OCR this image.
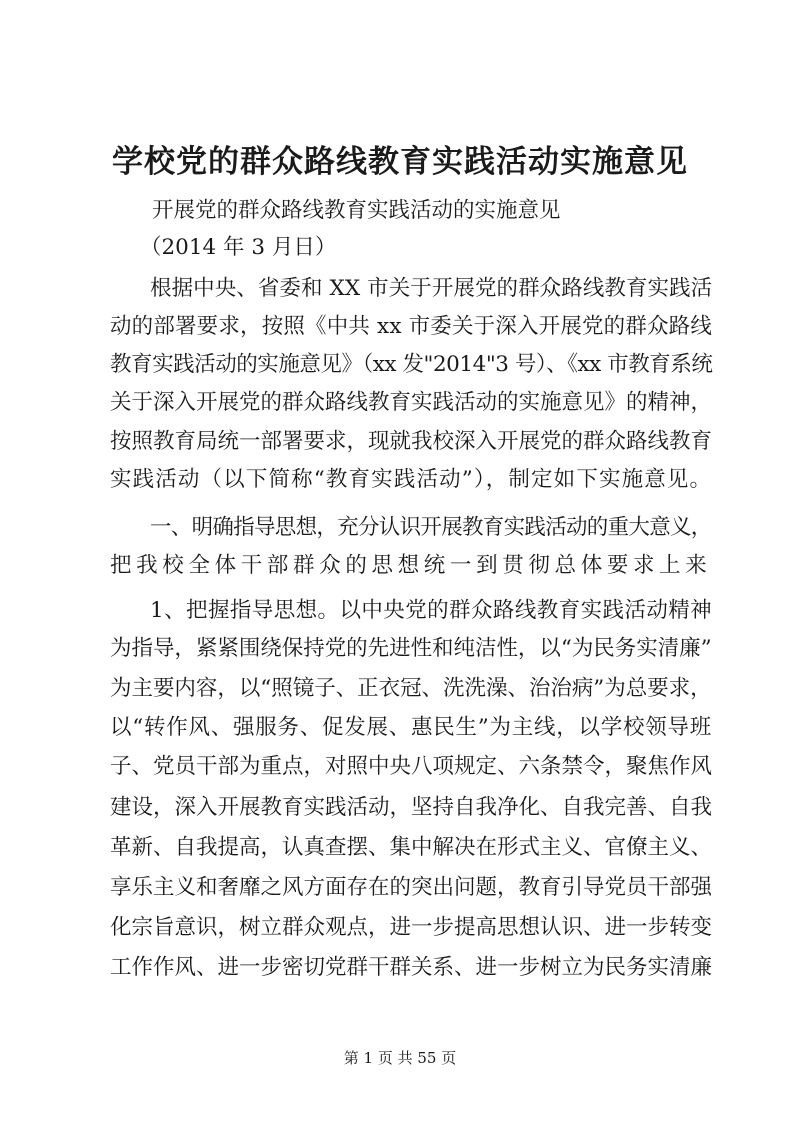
学校党的群众路线教育实践活动实施意见

开展党的群众路线教育实践活动的实施意见

（2014 年 3 月日）

根据中央、省委和 XX 市关于开展党的群众路线教育实践活

动的部署要求，按照《中共 xx 市委关于深入开展党的群众路线

教育实践活动的实施意见》（xx 发"2014"3 号）、《xx 市教育系统

关于深入开展党的群众路线教育实践活动的实施意见》的精神，

按照教育局统一部署要求，现就我校深入开展党的群众路线教育

实践活动（以下简称“教育实践活动”），制定如下实施意见。

一、明确指导思想，充分认识开展教育实践活动的重大意义，

把我校全体干部群众的思想统一到贯彻总体要求上来

1、把握指导思想。以中央党的群众路线教育实践活动精神

为指导，紧紧围绕保持党的先进性和纯洁性，以“为民务实清廉”

为主要内容，以“照镜子、正衣冠、洗洗澡、治治病”为总要求，

以“转作风、强服务、促发展、惠民生”为主线，以学校领导班

子、党员干部为重点，对照中央八项规定、六条禁令，聚焦作风

建设，深入开展教育实践活动，坚持自我净化、自我完善、自我

革新、自我提高，认真查摆、集中解决在形式主义、官僚主义、

享乐主义和奢靡之风方面存在的突出问题，教育引导党员干部强

化宗旨意识，树立群众观点，进一步提高思想认识、进一步转变

工作作风、进一步密切党群干群关系、进一步树立为民务实清廉

第 1 页 共 55 页
